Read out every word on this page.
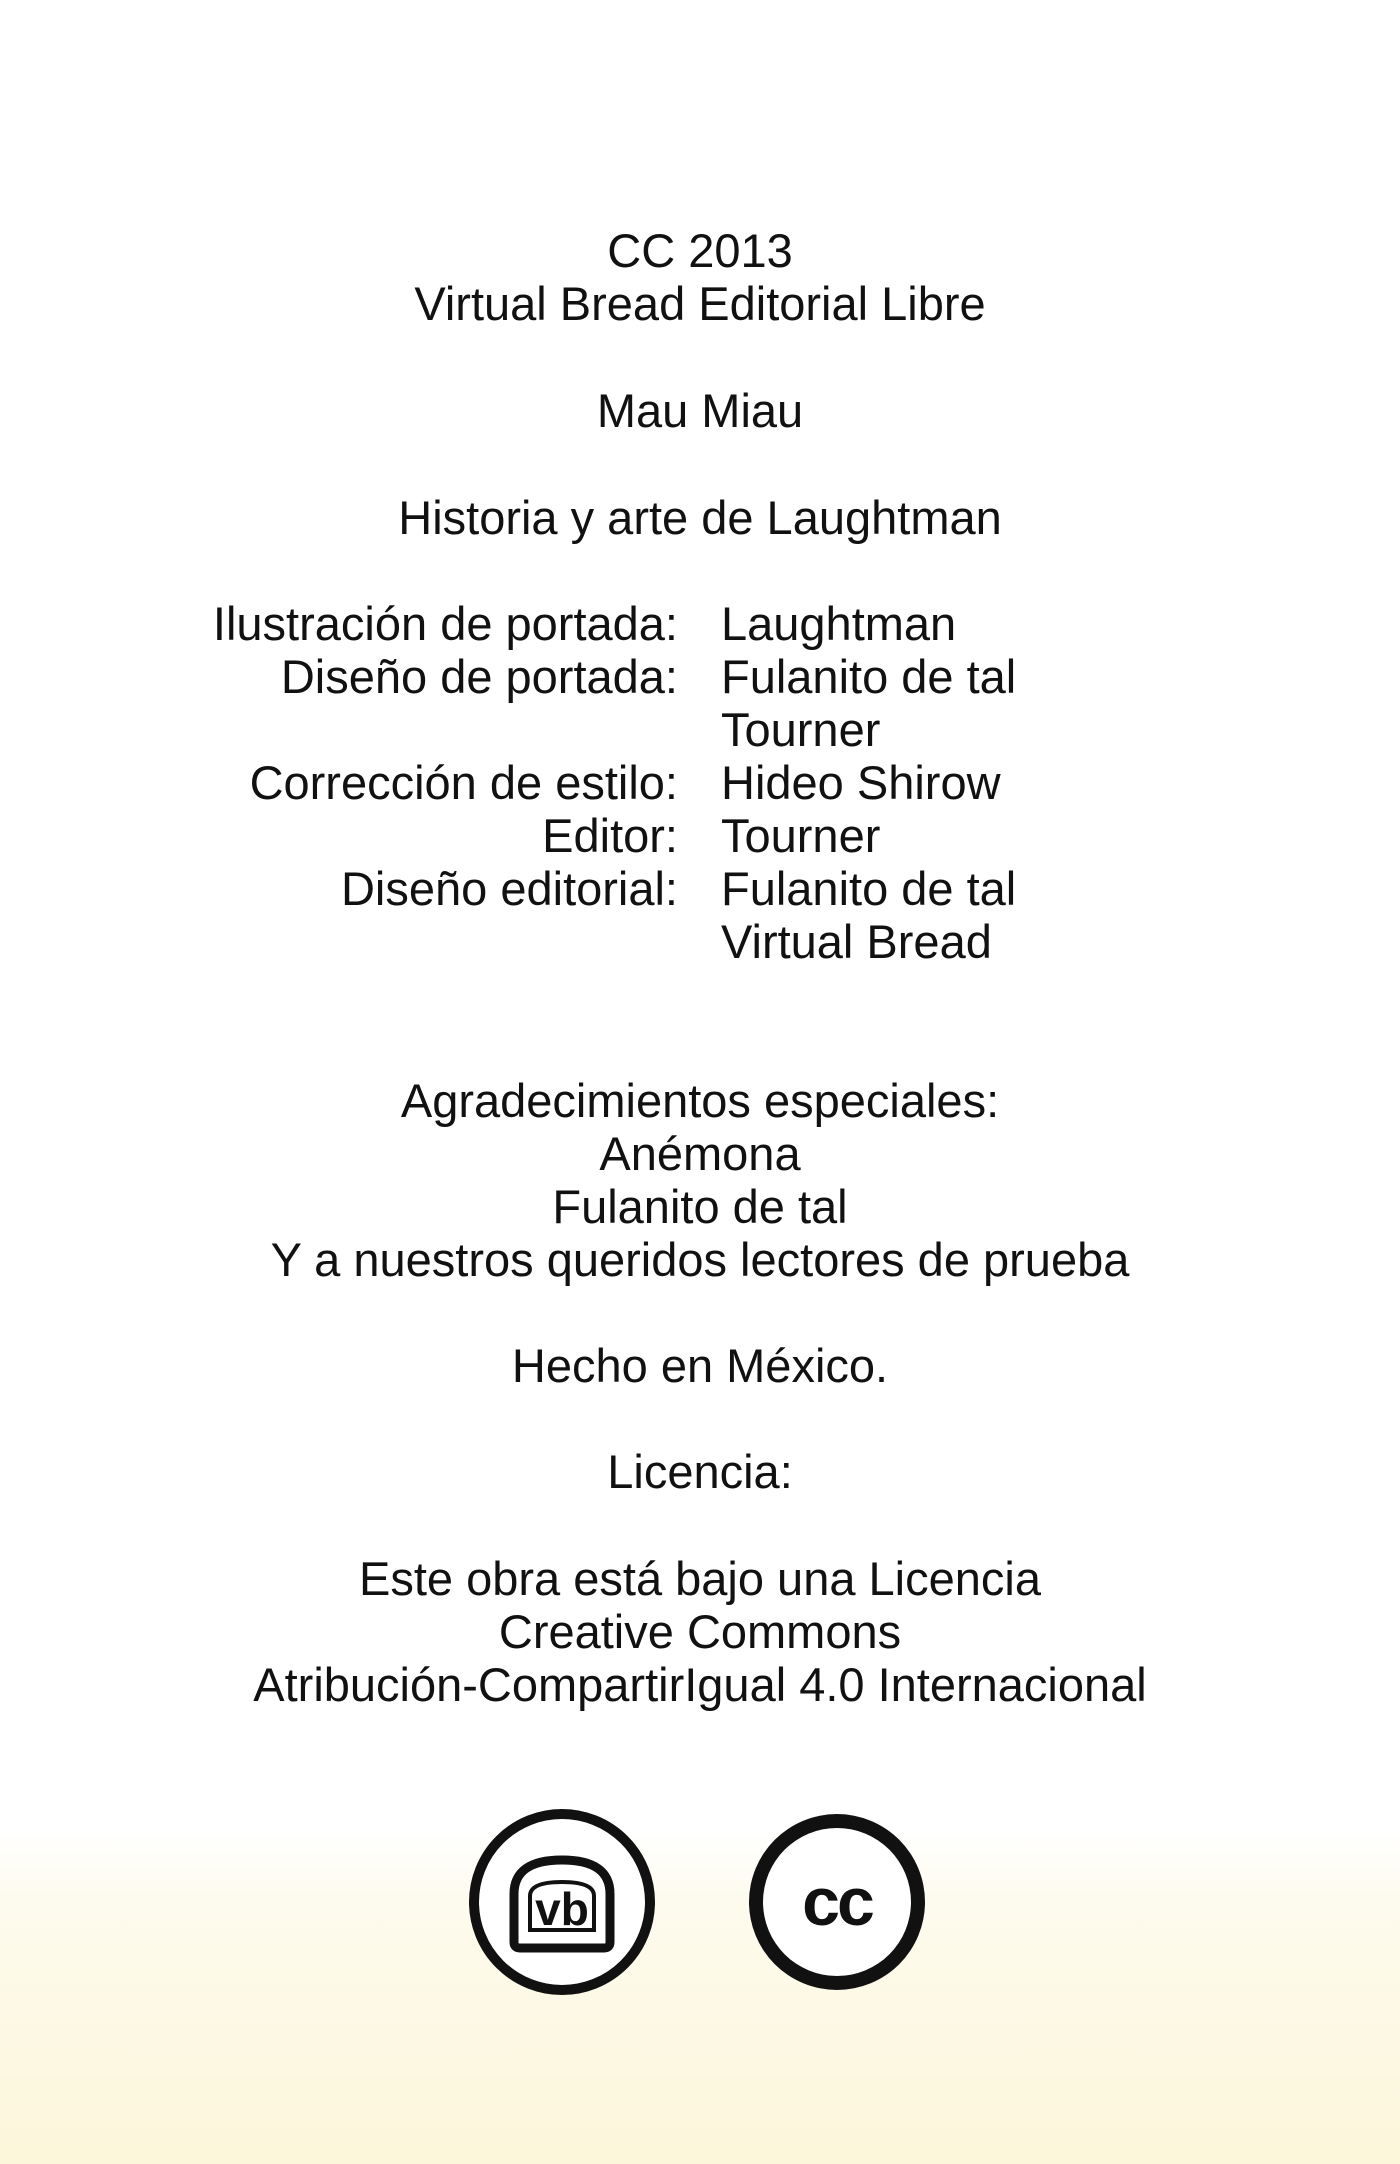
CC 2013
Virtual Bread Editorial Libre
Mau Miau
Historia y arte de Laughtman
Ilustración de portada: Laughtman
Diseño de portada: Fulanito de tal
Tourner
Corrección de estilo: Hideo Shirow
Editor: Tourner
Diseño editorial: Fulanito de tal
Virtual Bread
Agradecimientos especiales:
Anémona
Fulanito de tal
Y a nuestros queridos lectores de prueba
Hecho en México.
Licencia:
Este obra está bajo una Licencia
Creative Commons
Atribución-CompartirIgual 4.0 Internacional
vb	cc
